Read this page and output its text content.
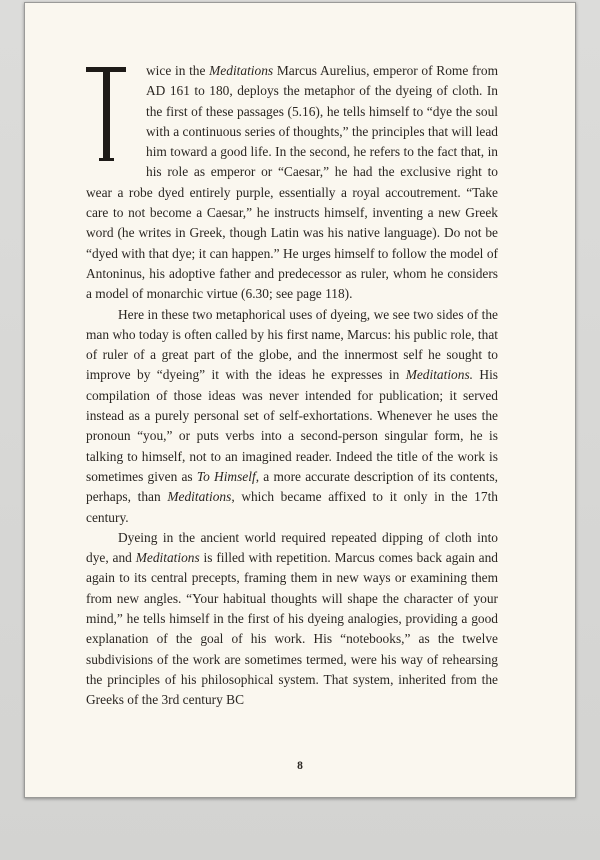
wice in the Meditations Marcus Aurelius, emperor of Rome from AD 161 to 180, deploys the metaphor of the dyeing of cloth. In the first of these passages (5.16), he tells himself to “dye the soul with a continuous series of thoughts,” the principles that will lead him toward a good life. In the second, he refers to the fact that, in his role as emperor or “Caesar,” he had the exclusive right to wear a robe dyed entirely purple, essentially a royal accoutrement. “Take care to not become a Caesar,” he instructs himself, inventing a new Greek word (he writes in Greek, though Latin was his native language). Do not be “dyed with that dye; it can happen.” He urges himself to follow the model of Antoninus, his adoptive father and predecessor as ruler, whom he considers a model of monarchic virtue (6.30; see page 118).

Here in these two metaphorical uses of dyeing, we see two sides of the man who today is often called by his first name, Marcus: his public role, that of ruler of a great part of the globe, and the innermost self he sought to improve by “dyeing” it with the ideas he expresses in Meditations. His compilation of those ideas was never intended for publication; it served instead as a purely personal set of self-exhortations. Whenever he uses the pronoun “you,” or puts verbs into a second-person singular form, he is talking to himself, not to an imagined reader. Indeed the title of the work is sometimes given as To Himself, a more accurate description of its contents, perhaps, than Meditations, which became affixed to it only in the 17th century.

Dyeing in the ancient world required repeated dipping of cloth into dye, and Meditations is filled with repetition. Marcus comes back again and again to its central precepts, framing them in new ways or examining them from new angles. “Your habitual thoughts will shape the character of your mind,” he tells himself in the first of his dyeing analogies, providing a good explanation of the goal of his work. His “notebooks,” as the twelve subdivisions of the work are sometimes termed, were his way of rehearsing the principles of his philosophical system. That system, inherited from the Greeks of the 3rd century BC

8
